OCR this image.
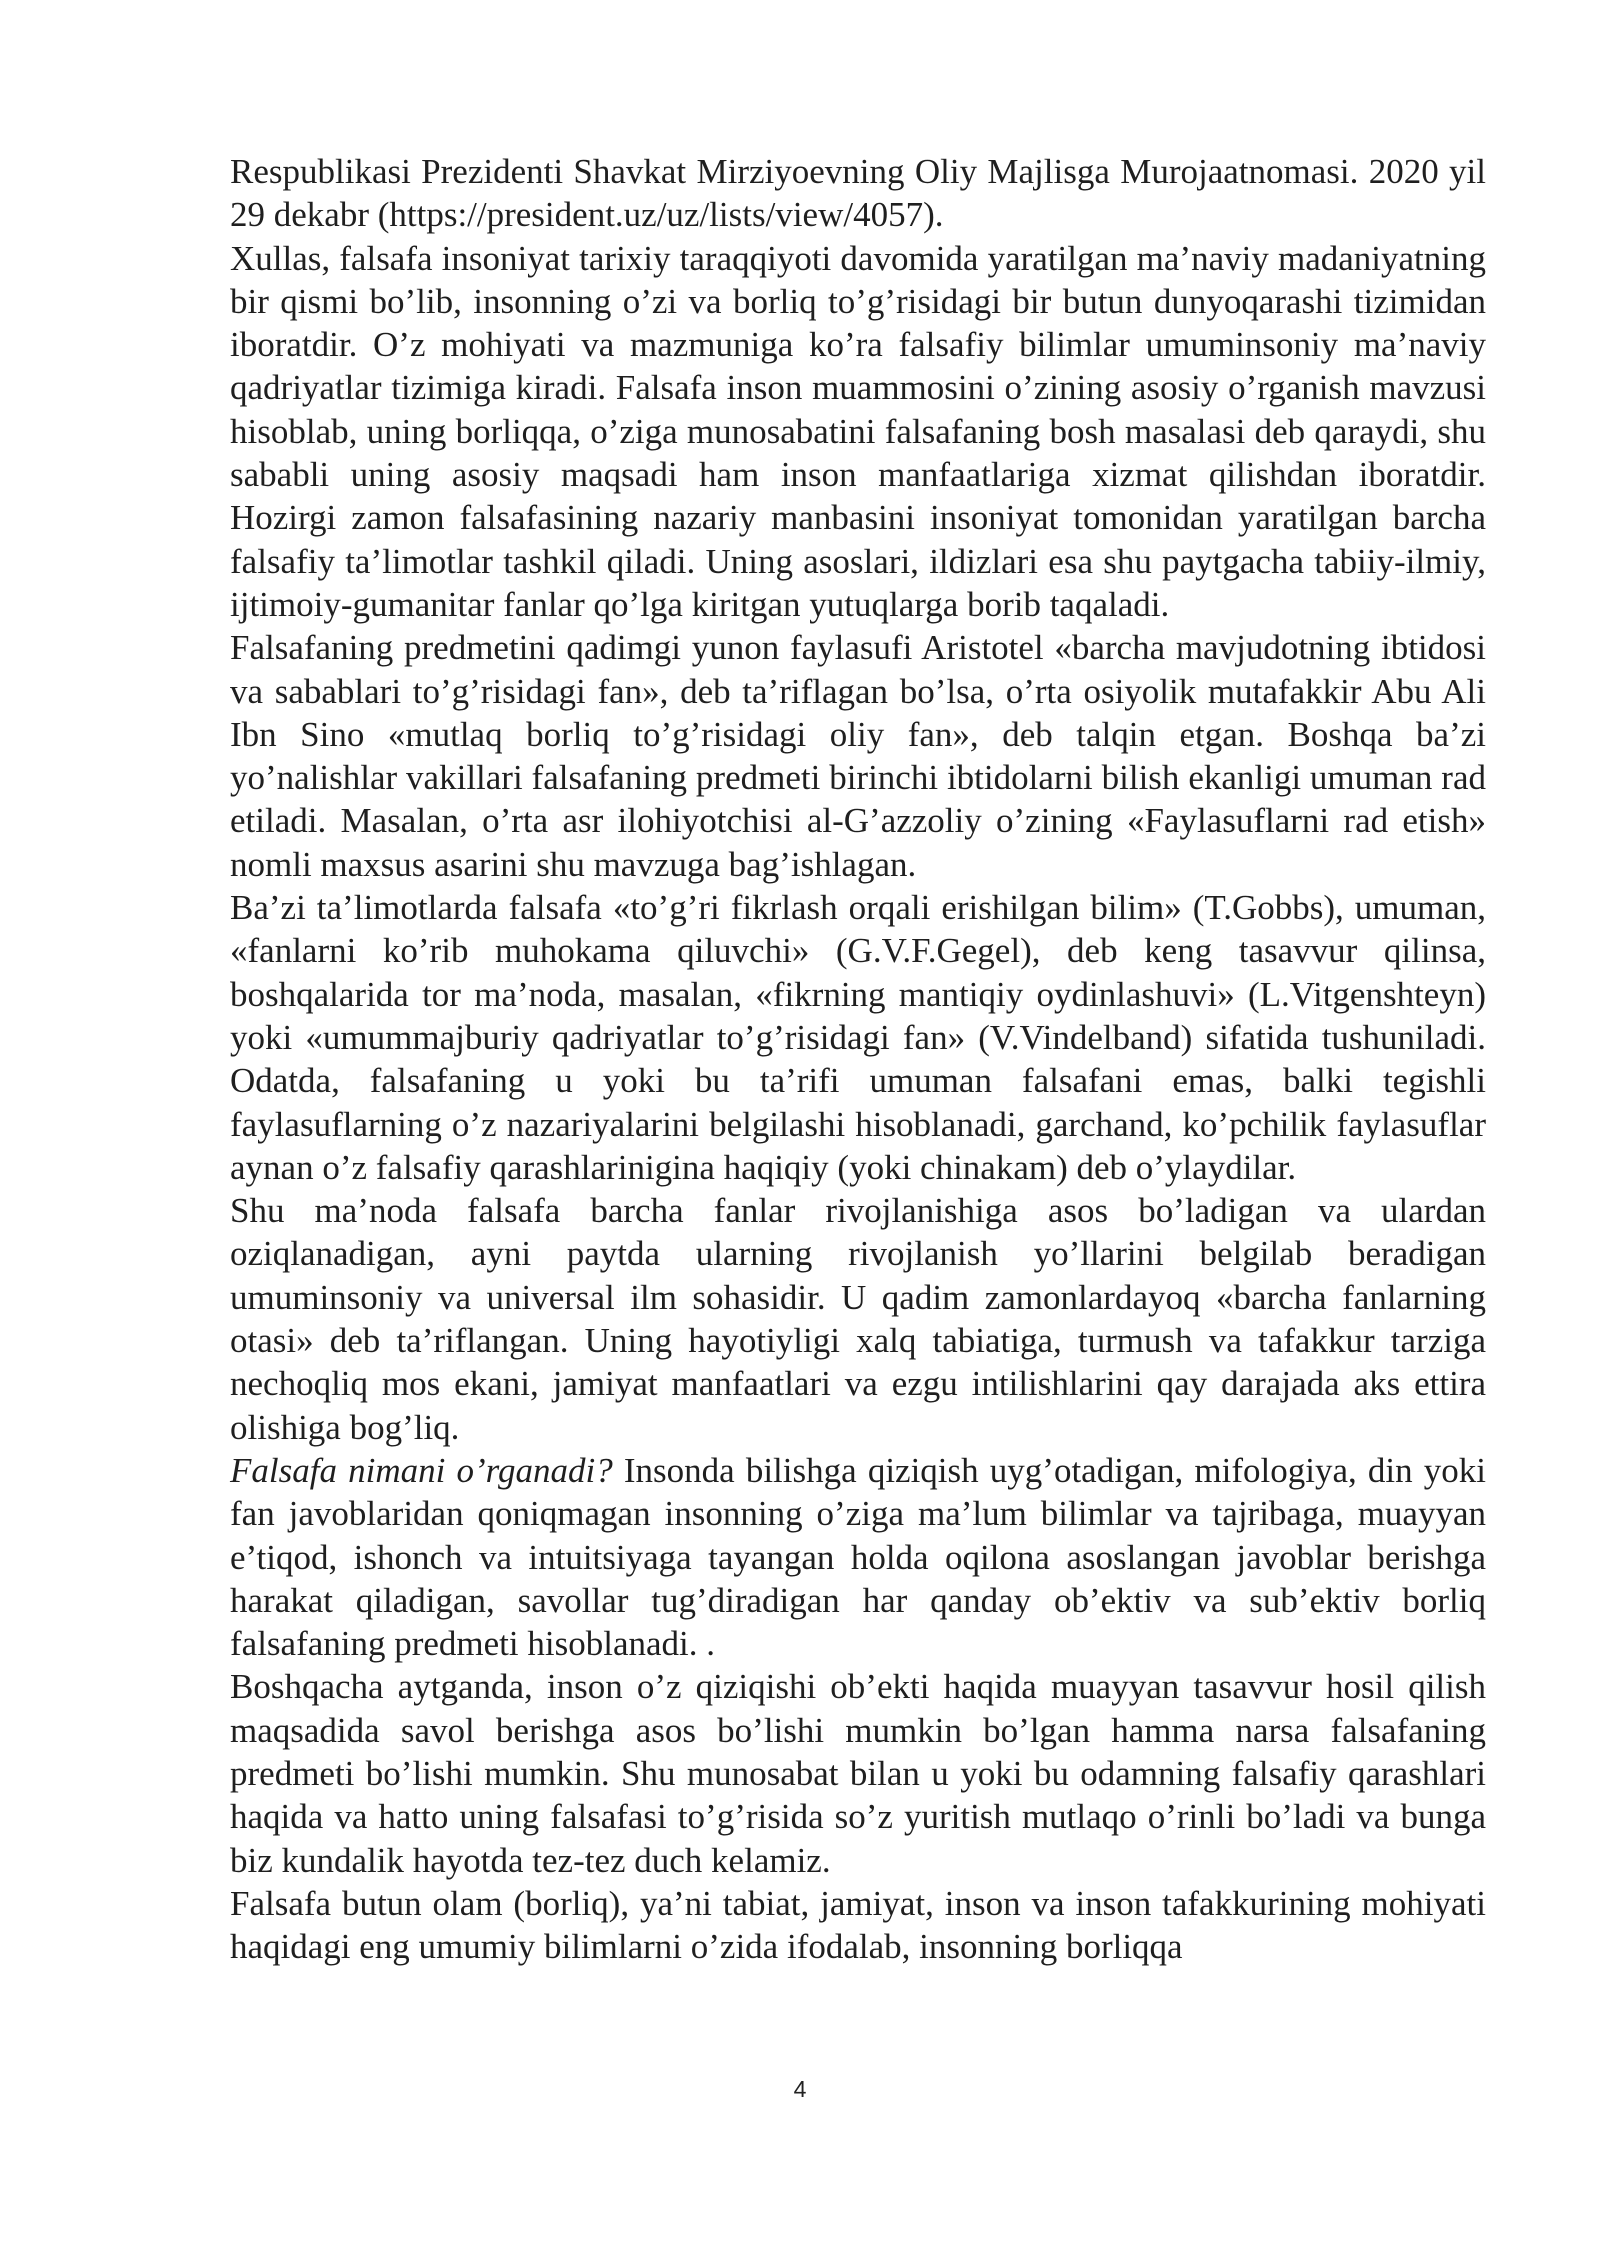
Respublikasi Prezidenti Shavkat Mirziyoevning Oliy Majlisga Murojaatnomasi. 2020 yil 29 dekabr (https://president.uz/uz/lists/view/4057).

Xullas, falsafa insoniyat tarixiy taraqqiyoti davomida yaratilgan ma’naviy madaniyatning bir qismi bo’lib, insonning o’zi va borliq to’g’risidagi bir butun dunyoqarashi tizimidan iboratdir. O’z mohiyati va mazmuniga ko’ra falsafiy bilimlar umuminsoniy ma’naviy qadriyatlar tizimiga kiradi. Falsafa inson muammosini o’zining asosiy o’rganish mavzusi hisoblab, uning borliqqa, o’ziga munosabatini falsafaning bosh masalasi deb qaraydi, shu sababli uning asosiy maqsadi ham inson manfaatlariga xizmat qilishdan iboratdir. Hozirgi zamon falsafasining nazariy manbasini insoniyat tomonidan yaratilgan barcha falsafiy ta’limotlar tashkil qiladi. Uning asoslari, ildizlari esa shu paytgacha tabiiy-ilmiy, ijtimoiy-gumanitar fanlar qo’lga kiritgan yutuqlarga borib taqaladi.

Falsafaning predmetini qadimgi yunon faylasufi Aristotel «barcha mavjudotning ibtidosi va sabablari to’g’risidagi fan», deb ta’riflagan bo’lsa, o’rta osiyolik mutafakkir Abu Ali Ibn Sino «mutlaq borliq to’g’risidagi oliy fan», deb talqin etgan. Boshqa ba’zi yo’nalishlar vakillari falsafaning predmeti birinchi ibtidolarni bilish ekanligi umuman rad etiladi. Masalan, o’rta asr ilohiyotchisi al-G’azzoliy o’zining «Faylasuflarni rad etish» nomli maxsus asarini shu mavzuga bag’ishlagan.

Ba’zi ta’limotlarda falsafa «to’g’ri fikrlash orqali erishilgan bilim» (T.Gobbs), umuman, «fanlarni ko’rib muhokama qiluvchi» (G.V.F.Gegel), deb keng tasavvur qilinsa, boshqalarida tor ma’noda, masalan, «fikrning mantiqiy oydinlashuvi» (L.Vitgenshteyn) yoki «umummajburiy qadriyatlar to’g’risidagi fan» (V.Vindelband) sifatida tushuniladi. Odatda, falsafaning u yoki bu ta’rifi umuman falsafani emas, balki tegishli faylasuflarning o’z nazariyalarini belgilashi hisoblanadi, garchand, ko’pchilik faylasuflar aynan o’z falsafiy qarashlarinigina haqiqiy (yoki chinakam) deb o’ylaydilar.

Shu ma’noda falsafa barcha fanlar rivojlanishiga asos bo’ladigan va ulardan oziqlanadigan, ayni paytda ularning rivojlanish yo’llarini belgilab beradigan umuminsoniy va universal ilm sohasidir. U qadim zamonlardayoq «barcha fanlarning otasi» deb ta’riflangan. Uning hayotiyligi xalq tabiatiga, turmush va tafakkur tarziga nechoqliq mos ekani, jamiyat manfaatlari va ezgu intilishlarini qay darajada aks ettira olishiga bog’liq.

Falsafa nimani o’rganadi? Insonda bilishga qiziqish uyg’otadigan, mifologiya, din yoki fan javoblaridan qoniqmagan insonning o’ziga ma’lum bilimlar va tajribaga, muayyan e’tiqod, ishonch va intuitsiyaga tayangan holda oqilona asoslangan javoblar berishga harakat qiladigan, savollar tug’diradigan har qanday ob’ektiv va sub’ektiv borliq falsafaning predmeti hisoblanadi. .

Boshqacha aytganda, inson o’z qiziqishi ob’ekti haqida muayyan tasavvur hosil qilish maqsadida savol berishga asos bo’lishi mumkin bo’lgan hamma narsa falsafaning predmeti bo’lishi mumkin. Shu munosabat bilan u yoki bu odamning falsafiy qarashlari haqida va hatto uning falsafasi to’g’risida so’z yuritish mutlaqo o’rinli bo’ladi va bunga biz kundalik hayotda tez-tez duch kelamiz.

Falsafa butun olam (borliq), ya’ni tabiat, jamiyat, inson va inson tafakkurining mohiyati haqidagi eng umumiy bilimlarni o’zida ifodalab, insonning borliqqa

4
